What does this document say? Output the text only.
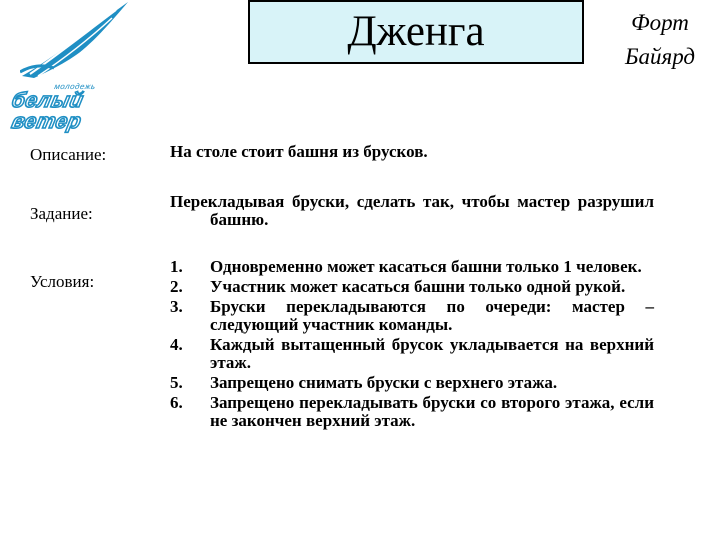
молодежь
белый
ветер
Дженга	Форт
Байярд
Описание:	На столе стоит башня из брусков.
Задание:
Перекладывая бруски, сделать так, чтобы мастер разрушил башню.
Условия:
1.	Одновременно может касаться башни только 1 человек.
2.	Участник может касаться башни только одной рукой.
3.	Бруски перекладываются по очереди: мастер – следующий участник команды.
4.	Каждый вытащенный брусок укладывается на верхний этаж.
5.	Запрещено снимать бруски с верхнего этажа.
6.	Запрещено перекладывать бруски со второго этажа, если не закончен верхний этаж.
